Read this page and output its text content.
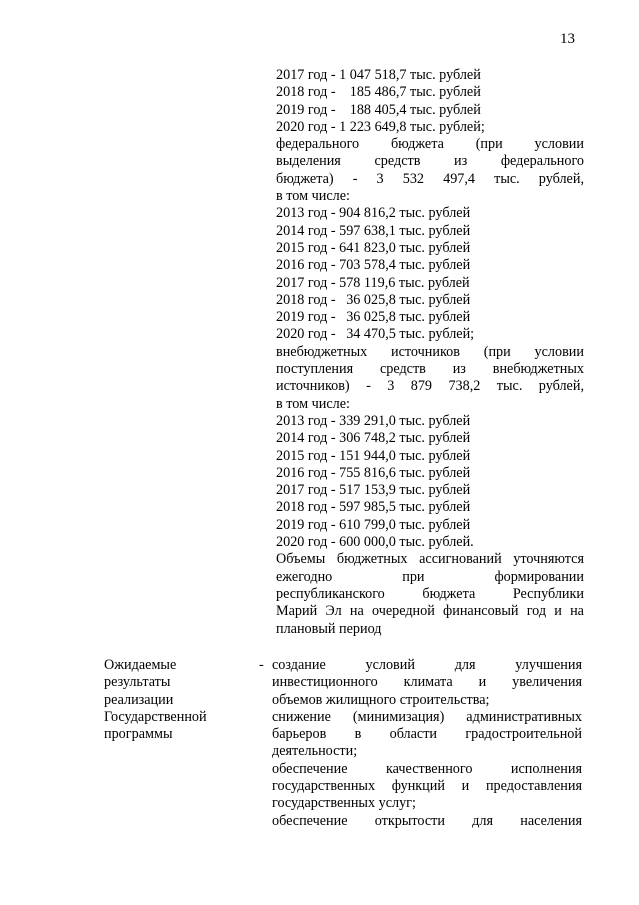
13
2017 год - 1 047 518,7 тыс. рублей
2018 год -    185 486,7 тыс. рублей
2019 год -    188 405,4 тыс. рублей
2020 год - 1 223 649,8 тыс. рублей;
федерального бюджета (при условии
выделения средств из федерального
бюджета) - 3 532 497,4 тыс. рублей,
в том числе:
2013 год - 904 816,2 тыс. рублей
2014 год - 597 638,1 тыс. рублей
2015 год - 641 823,0 тыс. рублей
2016 год - 703 578,4 тыс. рублей
2017 год - 578 119,6 тыс. рублей
2018 год -   36 025,8 тыс. рублей
2019 год -   36 025,8 тыс. рублей
2020 год -   34 470,5 тыс. рублей;
внебюджетных источников (при условии
поступления средств из внебюджетных
источников) - 3 879 738,2 тыс. рублей,
в том числе:
2013 год - 339 291,0 тыс. рублей
2014 год - 306 748,2 тыс. рублей
2015 год - 151 944,0 тыс. рублей
2016 год - 755 816,6 тыс. рублей
2017 год - 517 153,9 тыс. рублей
2018 год - 597 985,5 тыс. рублей
2019 год - 610 799,0 тыс. рублей
2020 год - 600 000,0 тыс. рублей.
Объемы бюджетных ассигнований уточняются
ежегодно при формировании
республиканского бюджета Республики
Марий Эл на очередной финансовый год и на
плановый период
Ожидаемые
результаты
реализации
Государственной
программы
- создание условий для улучшения
инвестиционного климата и увеличения
объемов жилищного строительства;
снижение (минимизация) административных
барьеров в области градостроительной
деятельности;
обеспечение качественного исполнения
государственных функций и предоставления
государственных услуг;
обеспечение открытости для населения
